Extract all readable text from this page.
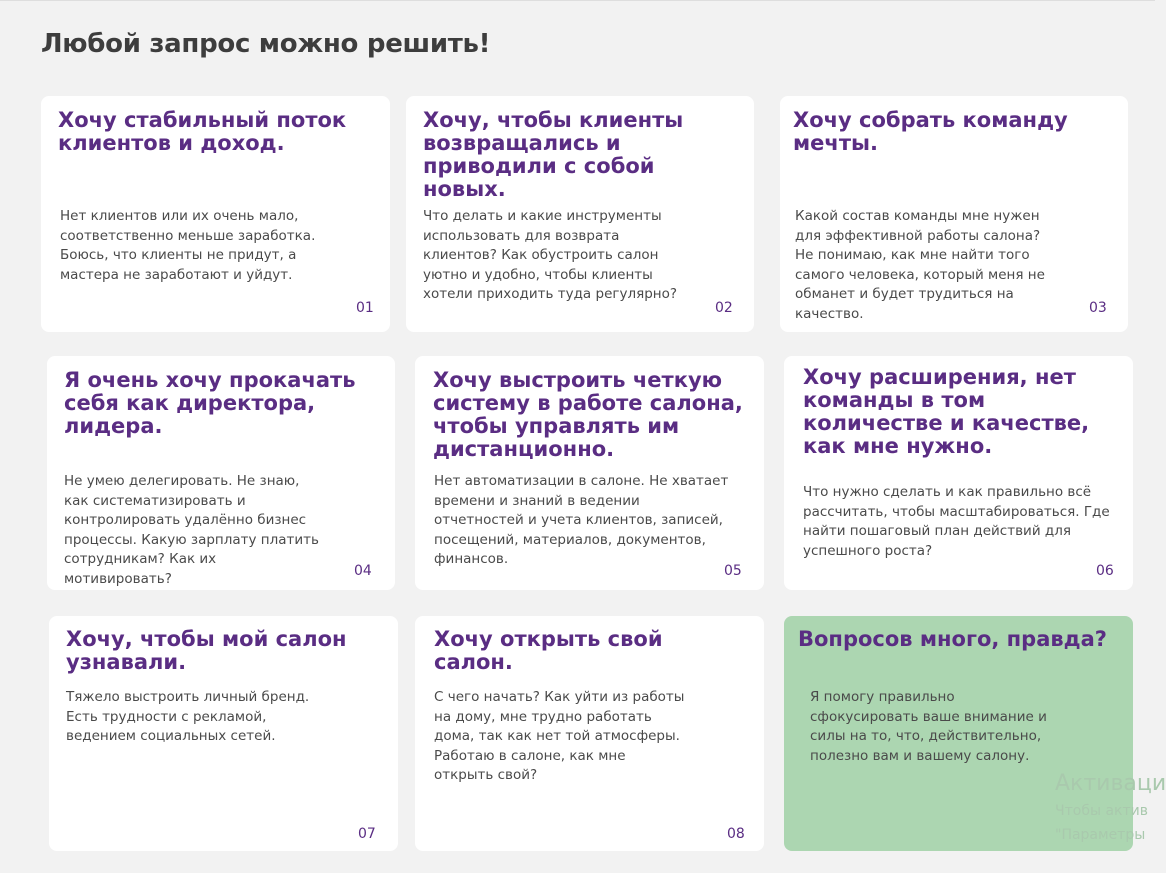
Любой запрос можно решить!
Хочу стабильный поток
клиентов и доход.

Нет клиентов или их очень мало,
соответственно меньше заработка.
Боюсь, что клиенты не придут, а
мастера не заработают и уйдут.

01
Хочу, чтобы клиенты
возвращались и
приводили с собой
новых.

Что делать и какие инструменты
использовать для возврата
клиентов? Как обустроить салон
уютно и удобно, чтобы клиенты
хотели приходить туда регулярно?

02
Хочу собрать команду
мечты.

Какой состав команды мне нужен
для эффективной работы салона?
Не понимаю, как мне найти того
самого человека, который меня не
обманет и будет трудиться на
качество.	03
Я очень хочу прокачать
себя как директора,
лидера.

Не умею делегировать. Не знаю,
как систематизировать и
контролировать удалённо бизнес
процессы. Какую зарплату платить
сотрудникам? Как их
мотивировать?	04
Хочу выстроить четкую
систему в работе салона,
чтобы управлять им
дистанционно.

Нет автоматизации в салоне. Не хватает
времени и знаний в ведении
отчетностей и учета клиентов, записей,
посещений, материалов, документов,
финансов.

05
Хочу расширения, нет
команды в том
количестве и качестве,
как мне нужно.

Что нужно сделать и как правильно всё
рассчитать, чтобы масштабироваться. Где
найти пошаговый план действий для
успешного роста?

06
Хочу, чтобы мой салон
узнавали.

Тяжело выстроить личный бренд.
Есть трудности с рекламой,
ведением социальных сетей.

07
Хочу открыть свой
салон.

С чего начать? Как уйти из работы
на дому, мне трудно работать
дома, так как нет той атмосферы.
Работаю в салоне, как мне
открыть свой?

08
Вопросов много, правда?

Я помогу правильно
сфокусировать ваше внимание и
силы на то, что, действительно,
полезно вам и вашему салону.

Активаци
Чтобы актив
"Параметры
